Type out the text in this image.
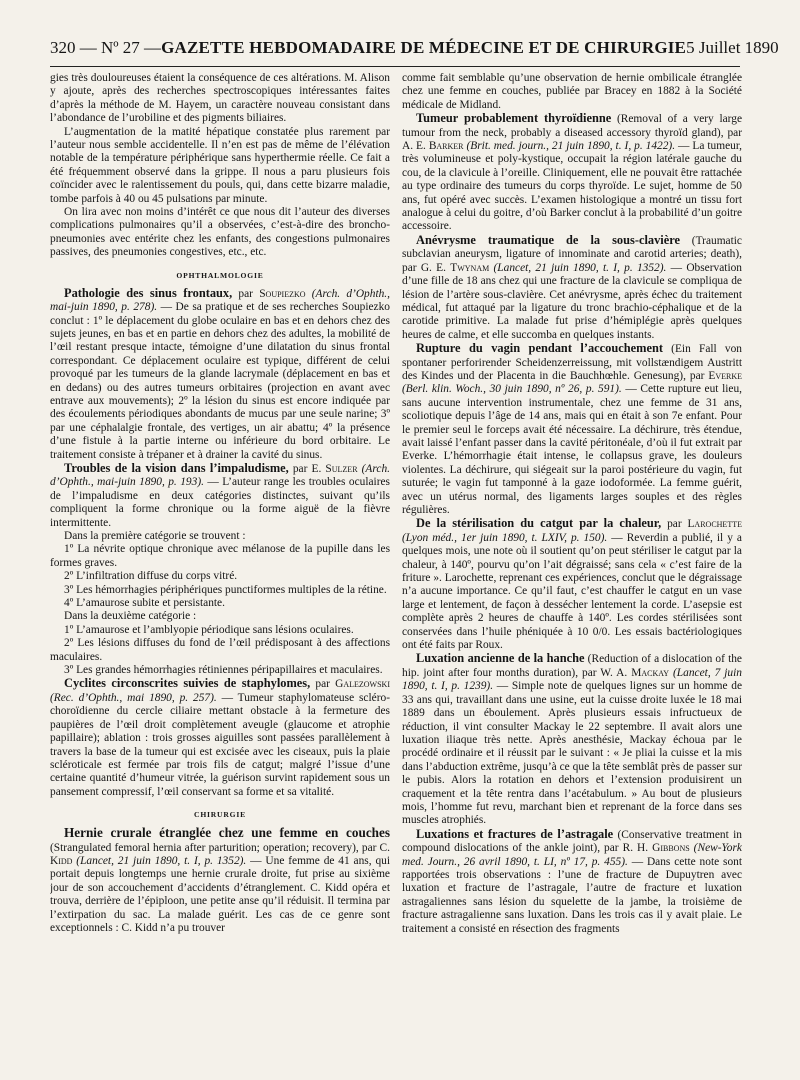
320 — Nº 27 — GAZETTE HEBDOMADAIRE DE MÉDECINE ET DE CHIRURGIE 5 Juillet 1890

gies très douloureuses étaient la conséquence de ces altérations. M. Alison y ajoute, après des recherches spectroscopiques intéressantes faites d’après la méthode de M. Hayem, un caractère nouveau consistant dans l’abondance de l’urobiline et des pigments biliaires.

L’augmentation de la matité hépatique constatée plus rarement par l’auteur nous semble accidentelle. Il n’en est pas de même de l’élévation notable de la température périphérique sans hyperthermie réelle. Ce fait a été fréquemment observé dans la grippe. Il nous a paru plusieurs fois coïncider avec le ralentissement du pouls, qui, dans cette bizarre maladie, tombe parfois à 40 ou 45 pulsations par minute.

On lira avec non moins d’intérêt ce que nous dit l’auteur des diverses complications pulmonaires qu’il a observées, c’est-à-dire des broncho-pneumonies avec entérite chez les enfants, des congestions pulmonaires passives, des pneumonies congestives, etc., etc.

OPHTHALMOLOGIE

Pathologie des sinus frontaux, par Soupiezko (Arch. d’Ophth., mai-juin 1890, p. 278). — De sa pratique et de ses recherches Soupiezko conclut : 1º le déplacement du globe oculaire en bas et en dehors chez des sujets jeunes, en bas et en partie en dehors chez des adultes, la mobilité de l’œil restant presque intacte, témoigne d’une dilatation du sinus frontal correspondant. Ce déplacement oculaire est typique, différent de celui provoqué par les tumeurs de la glande lacrymale (déplacement en bas et en dedans) ou des autres tumeurs orbitaires (projection en avant avec entrave aux mouvements); 2º la lésion du sinus est encore indiquée par des écoulements périodiques abondants de mucus par une seule narine; 3º par une céphalalgie frontale, des vertiges, un air abattu; 4º la présence d’une fistule à la partie interne ou inférieure du bord orbitaire. Le traitement consiste à trépaner et à drainer la cavité du sinus.

Troubles de la vision dans l’impaludisme, par E. Sulzer (Arch. d’Ophth., mai-juin 1890, p. 193). — L’auteur range les troubles oculaires de l’impaludisme en deux catégories distinctes, suivant qu’ils compliquent la forme chronique ou la forme aiguë de la fièvre intermittente.

Dans la première catégorie se trouvent :

1º La névrite optique chronique avec mélanose de la pupille dans les formes graves.

2º L’infiltration diffuse du corps vitré.

3º Les hémorrhagies périphériques punctiformes multiples de la rétine.

4º L’amaurose subite et persistante.

Dans la deuxième catégorie :

1º L’amaurose et l’amblyopie périodique sans lésions oculaires.

2º Les lésions diffuses du fond de l’œil prédisposant à des affections maculaires.

3º Les grandes hémorrhagies rétiniennes péripapillaires et maculaires.

Cyclites circonscrites suivies de staphylomes, par Galezowski (Rec. d’Ophth., mai 1890, p. 257). — Tumeur staphylomateuse scléro-choroïdienne du cercle ciliaire mettant obstacle à la fermeture des paupières de l’œil droit complètement aveugle (glaucome et atrophie papillaire); ablation : trois grosses aiguilles sont passées parallèlement à travers la base de la tumeur qui est excisée avec les ciseaux, puis la plaie scléroticale est fermée par trois fils de catgut; malgré l’issue d’une certaine quantité d’humeur vitrée, la guérison survint rapidement sous un pansement compressif, l’œil conservant sa forme et sa vitalité.

CHIRURGIE

Hernie crurale étranglée chez une femme en couches (Strangulated femoral hernia after parturition; operation; recovery), par C. Kidd (Lancet, 21 juin 1890, t. I, p. 1352). — Une femme de 41 ans, qui portait depuis longtemps une hernie crurale droite, fut prise au sixième jour de son accouchement d’accidents d’étranglement. C. Kidd opéra et trouva, derrière de l’épiploon, une petite anse qu’il réduisit. Il termina par l’extirpation du sac. La malade guérit. Les cas de ce genre sont exceptionnels : C. Kidd n’a pu trouver

comme fait semblable qu’une observation de hernie ombilicale étranglée chez une femme en couches, publiée par Bracey en 1882 à la Société médicale de Midland.

Tumeur probablement thyroïdienne (Removal of a very large tumour from the neck, probably a diseased accessory thyroïd gland), par A. E. Barker (Brit. med. journ., 21 juin 1890, t. I, p. 1422). — La tumeur, très volumineuse et poly-kystique, occupait la région latérale gauche du cou, de la clavicule à l’oreille. Cliniquement, elle ne pouvait être rattachée au type ordinaire des tumeurs du corps thyroïde. Le sujet, homme de 50 ans, fut opéré avec succès. L’examen histologique a montré un tissu fort analogue à celui du goitre, d’où Barker conclut à la probabilité d’un goitre accessoire.

Anévrysme traumatique de la sous-clavière (Traumatic subclavian aneurysm, ligature of innominate and carotid arteries; death), par G. E. Twynam (Lancet, 21 juin 1890, t. I, p. 1352). — Observation d’une fille de 18 ans chez qui une fracture de la clavicule se compliqua de lésion de l’artère sous-clavière. Cet anévrysme, après échec du traitement médical, fut attaqué par la ligature du tronc brachio-céphalique et de la carotide primitive. La malade fut prise d’hémiplégie après quelques heures de calme, et elle succomba en quelques instants.

Rupture du vagin pendant l’accouchement (Ein Fall von spontaner perforirender Scheidenzerreissung, mit vollstændigem Austritt des Kindes und der Placenta in die Bauchhœhle. Genesung), par Everke (Berl. klin. Woch., 30 juin 1890, nº 26, p. 591). — Cette rupture eut lieu, sans aucune intervention instrumentale, chez une femme de 31 ans, scoliotique depuis l’âge de 14 ans, mais qui en était à son 7e enfant. Pour le premier seul le forceps avait été nécessaire. La déchirure, très étendue, avait laissé l’enfant passer dans la cavité péritonéale, d’où il fut extrait par Everke. L’hémorrhagie était intense, le collapsus grave, les douleurs violentes. La déchirure, qui siégeait sur la paroi postérieure du vagin, fut suturée; le vagin fut tamponné à la gaze iodoformée. La femme guérit, avec un utérus normal, des ligaments larges souples et des règles régulières.

De la stérilisation du catgut par la chaleur, par Larochette (Lyon méd., 1er juin 1890, t. LXIV, p. 150). — Reverdin a publié, il y a quelques mois, une note où il soutient qu’on peut stériliser le catgut par la chaleur, à 140º, pourvu qu’on l’ait dégraissé; sans cela « c’est faire de la friture ». Larochette, reprenant ces expériences, conclut que le dégraissage n’a aucune importance. Ce qu’il faut, c’est chauffer le catgut en un vase large et lentement, de façon à dessécher lentement la corde. L’asepsie est complète après 2 heures de chauffe à 140º. Les cordes stérilisées sont conservées dans l’huile phéniquée à 10 0/0. Les essais bactériologiques ont été faits par Roux.

Luxation ancienne de la hanche (Reduction of a dislocation of the hip. joint after four months duration), par W. A. Mackay (Lancet, 7 juin 1890, t. I, p. 1239). — Simple note de quelques lignes sur un homme de 33 ans qui, travaillant dans une usine, eut la cuisse droite luxée le 18 mai 1889 dans un éboulement. Après plusieurs essais infructueux de réduction, il vint consulter Mackay le 22 septembre. Il avait alors une luxation iliaque très nette. Après anesthésie, Mackay échoua par le procédé ordinaire et il réussit par le suivant : « Je pliai la cuisse et la mis dans l’abduction extrême, jusqu’à ce que la tête semblât près de passer sur le pubis. Alors la rotation en dehors et l’extension produisirent un craquement et la tête rentra dans l’acétabulum. » Au bout de plusieurs mois, l’homme fut revu, marchant bien et reprenant de la force dans ses muscles atrophiés.

Luxations et fractures de l’astragale (Conservative treatment in compound dislocations of the ankle joint), par R. H. Gibbons (New-York med. Journ., 26 avril 1890, t. LI, nº 17, p. 455). — Dans cette note sont rapportées trois observations : l’une de fracture de Dupuytren avec luxation et fracture de l’astragale, l’autre de fracture et luxation astragaliennes sans lésion du squelette de la jambe, la troisième de fracture astragalienne sans luxation. Dans les trois cas il y avait plaie. Le traitement a consisté en résection des fragments
